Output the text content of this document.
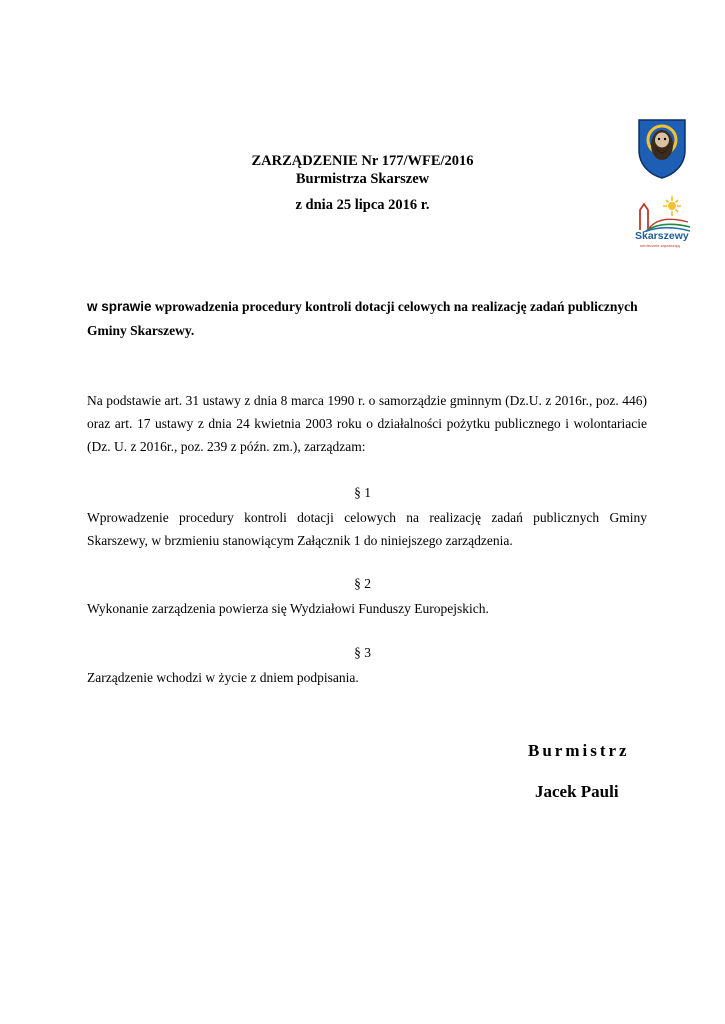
Skarszewy
serdecznie zapraszają
ZARZĄDZENIE Nr 177/WFE/2016
Burmistrza Skarszew
z dnia 25 lipca 2016 r.
w sprawie wprowadzenia procedury kontroli dotacji celowych na realizację zadań publicznych
Gminy Skarszewy.
Na podstawie art. 31 ustawy z dnia 8 marca 1990 r. o samorządzie gminnym (Dz.U. z 2016r., poz. 446)
oraz art. 17 ustawy z dnia 24 kwietnia 2003 roku o działalności pożytku publicznego i wolontariacie
(Dz. U. z 2016r., poz. 239 z późn. zm.), zarządzam:
§ 1
Wprowadzenie procedury kontroli dotacji celowych na realizację zadań publicznych Gminy
Skarszewy, w brzmieniu stanowiącym Załącznik 1 do niniejszego zarządzenia.
§ 2
Wykonanie zarządzenia powierza się Wydziałowi Funduszy Europejskich.
§ 3
Zarządzenie wchodzi w życie z dniem podpisania.
Burmistrz
Jacek Pauli
